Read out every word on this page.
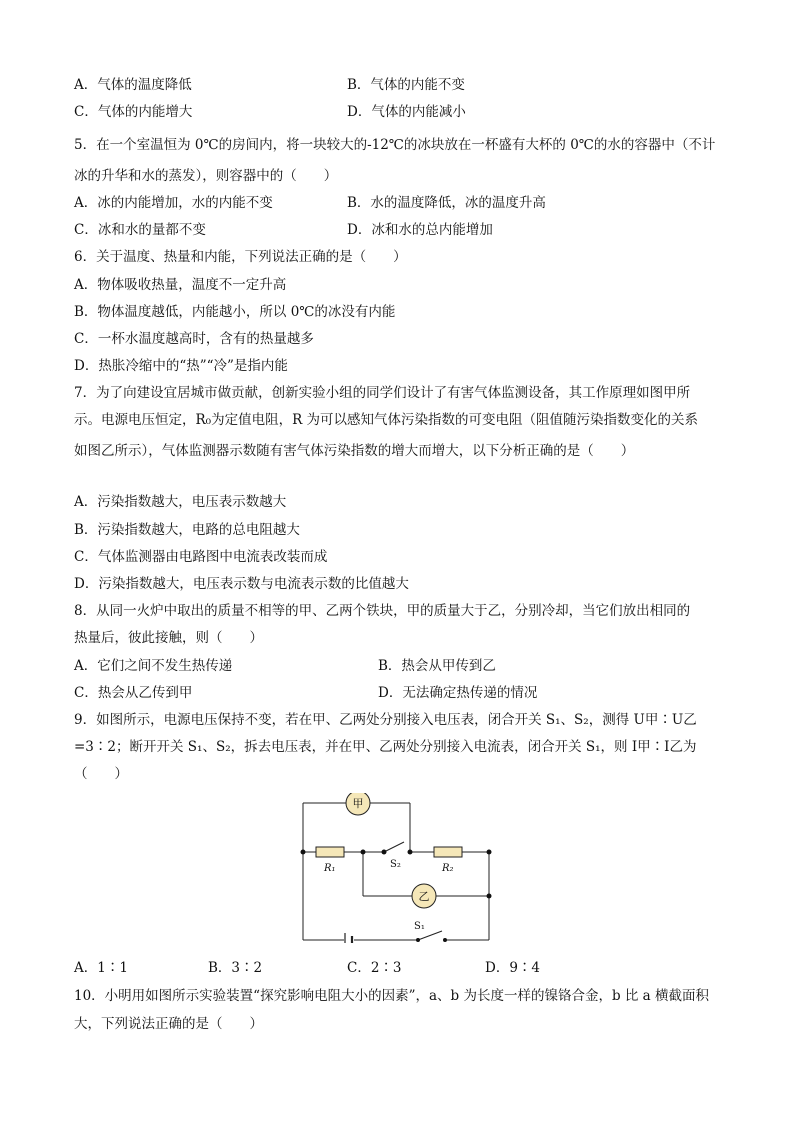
A．气体的温度降低	B．气体的内能不变
C．气体的内能增大	D．气体的内能减小
5．在一个室温恒为 0℃的房间内，将一块较大的-12℃的冰块放在一杯盛有大杯的 0℃的水的容器中（不计
冰的升华和水的蒸发），则容器中的（　　）
A．冰的内能增加，水的内能不变	B．水的温度降低，冰的温度升高
C．冰和水的量都不变	D．冰和水的总内能增加
6．关于温度、热量和内能，下列说法正确的是（　　）
A．物体吸收热量，温度不一定升高
B．物体温度越低，内能越小，所以 0℃的冰没有内能
C．一杯水温度越高时，含有的热量越多
D．热胀冷缩中的“热”“冷”是指内能
7．为了向建设宜居城市做贡献，创新实验小组的同学们设计了有害气体监测设备，其工作原理如图甲所
示。电源电压恒定，R₀为定值电阻，R 为可以感知气体污染指数的可变电阻（阻值随污染指数变化的关系
如图乙所示），气体监测器示数随有害气体污染指数的增大而增大，以下分析正确的是（　　）
A．污染指数越大，电压表示数越大
B．污染指数越大，电路的总电阻越大
C．气体监测器由电路图中电流表改装而成
D．污染指数越大，电压表示数与电流表示数的比值越大
8．从同一火炉中取出的质量不相等的甲、乙两个铁块，甲的质量大于乙，分别冷却，当它们放出相同的
热量后，彼此接触，则（　　）
A．它们之间不发生热传递	B．热会从甲传到乙
C．热会从乙传到甲	D．无法确定热传递的情况
9．如图所示，电源电压保持不变，若在甲、乙两处分别接入电压表，闭合开关 S₁、S₂，测得 U甲∶U乙
=3∶2；断开开关 S₁、S₂，拆去电压表，并在甲、乙两处分别接入电流表，闭合开关 S₁，则 I甲∶I乙为
（　　）
甲
乙
R₁	R₂
S₂
S₁
A．1∶1	B．3∶2	C．2∶3	D．9∶4
10．小明用如图所示实验装置“探究影响电阻大小的因素”，a、b 为长度一样的镍铬合金，b 比 a 横截面积
大，下列说法正确的是（　　）
